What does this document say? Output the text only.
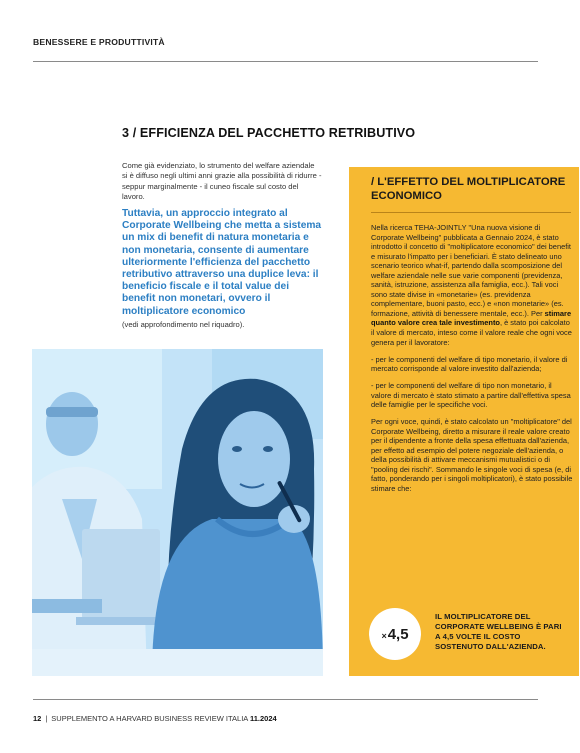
BENESSERE E PRODUTTIVITÀ
3 / EFFICIENZA DEL PACCHETTO RETRIBUTIVO

Come già evidenziato, lo strumento del welfare aziendale si è diffuso negli ultimi anni grazie alla possibilità di ridurre - seppur marginalmente - il cuneo fiscale sul costo del lavoro.

Tuttavia, un approccio integrato al Corporate Wellbeing che metta a sistema un mix di benefit di natura monetaria e non monetaria, consente di aumentare ulteriormente l'efficienza del pacchetto retributivo attraverso una duplice leva: il beneficio fiscale e il total value dei benefit non monetari, ovvero il moltiplicatore economico

(vedi approfondimento nel riquadro).

/ L'EFFETTO DEL MOLTIPLICATORE ECONOMICO

Nella ricerca TEHA-JOINTLY "Una nuova visione di Corporate Wellbeing" pubblicata a Gennaio 2024, è stato introdotto il concetto di "moltiplicatore economico" dei benefit e misurato l'impatto per i beneficiari. È stato delineato uno scenario teorico what-if, partendo dalla scomposizione del welfare aziendale nelle sue varie componenti (previdenza, sanità, istruzione, assistenza alla famiglia, ecc.). Tali voci sono state divise in «monetarie» (es. previdenza complementare, buoni pasto, ecc.) e «non monetarie» (es. formazione, attività di benessere mentale, ecc.). Per stimare quanto valore crea tale investimento, è stato poi calcolato il valore di mercato, inteso come il valore reale che ogni voce genera per il lavoratore:

- per le componenti del welfare di tipo monetario, il valore di mercato corrisponde al valore investito dall'azienda;

- per le componenti del welfare di tipo non monetario, il valore di mercato è stato stimato a partire dall'effettiva spesa delle famiglie per le specifiche voci.

Per ogni voce, quindi, è stato calcolato un "moltiplicatore" del Corporate Wellbeing, diretto a misurare il reale valore creato per il dipendente a fronte della spesa effettuata dall'azienda, per effetto ad esempio del potere negoziale dell'azienda, o della possibilità di attivare meccanismi mutualistici o di "pooling dei rischi". Sommando le singole voci di spesa (e, di fatto, ponderando per i singoli moltiplicatori), è stato possibile stimare che:

× 4,5
IL MOLTIPLICATORE DEL CORPORATE WELLBEING È PARI A 4,5 VOLTE IL COSTO SOSTENUTO DALL'AZIENDA.
12 | SUPPLEMENTO A HARVARD BUSINESS REVIEW ITALIA 11.2024
